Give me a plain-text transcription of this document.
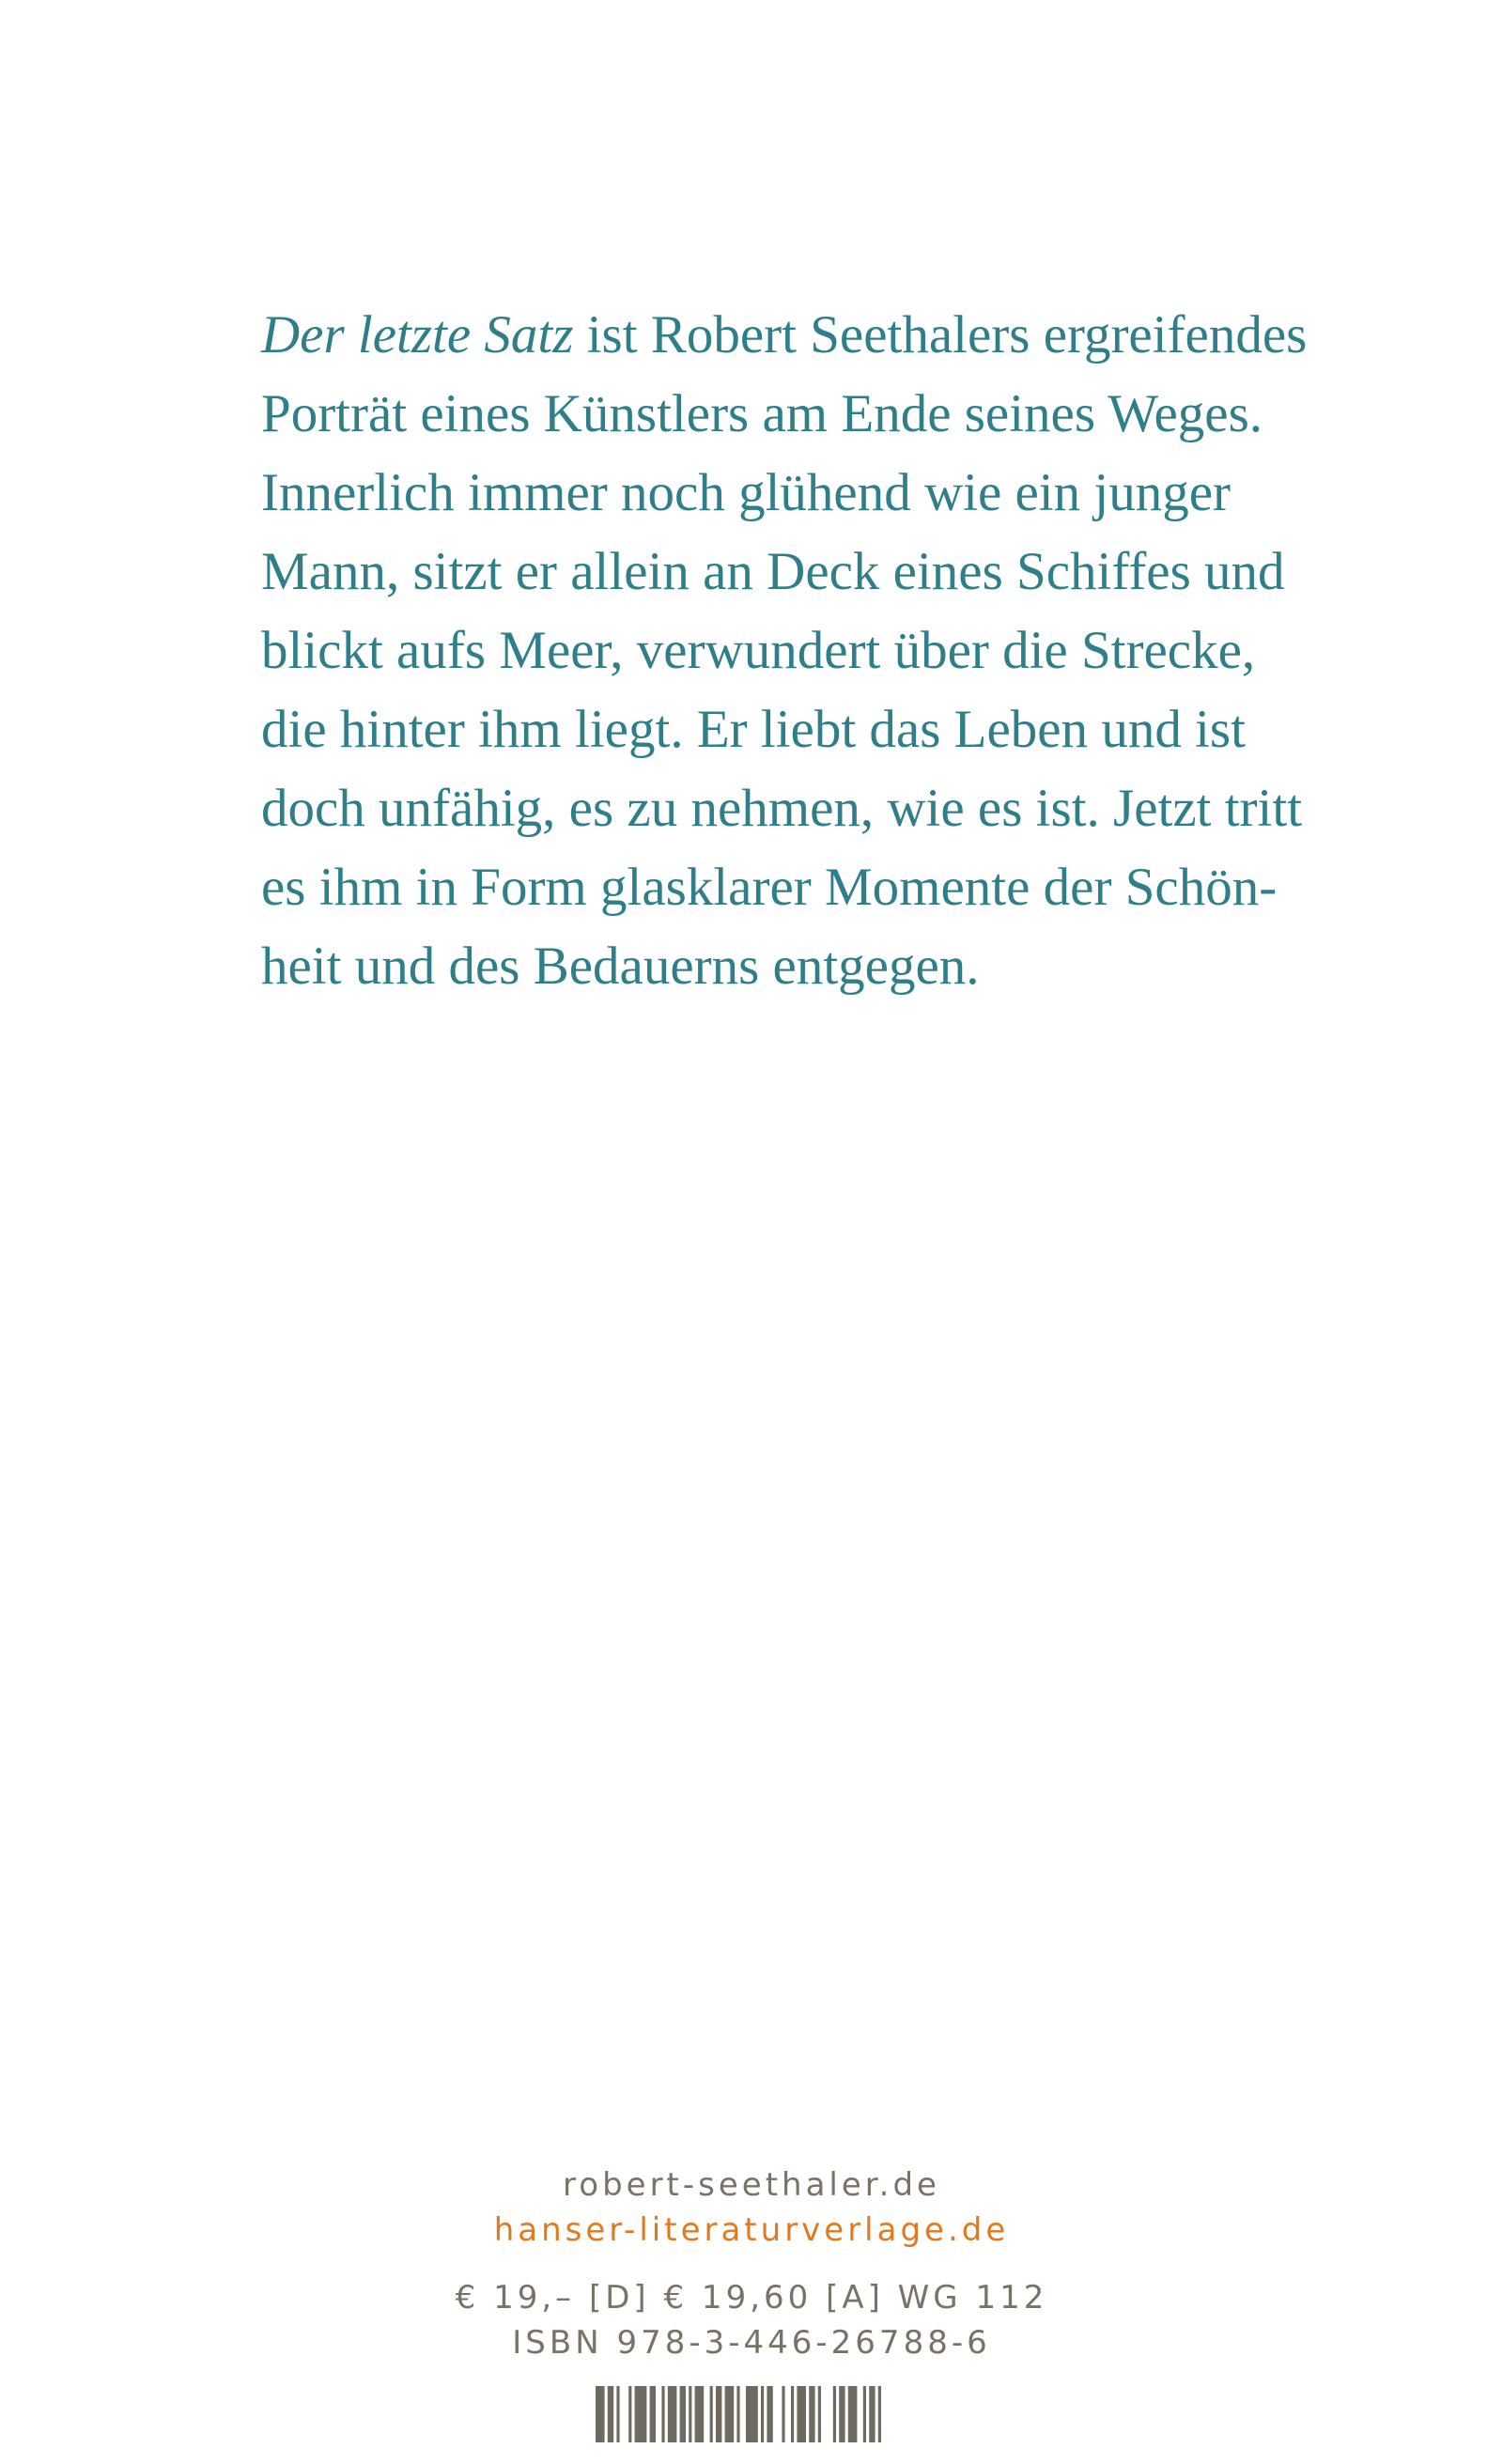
Der letzte Satz ist Robert Seethalers ergreifendes
Porträt eines Künstlers am Ende seines Weges.
Innerlich immer noch glühend wie ein junger
Mann, sitzt er allein an Deck eines Schiffes und
blickt aufs Meer, verwundert über die Strecke,
die hinter ihm liegt. Er liebt das Leben und ist
doch unfähig, es zu nehmen, wie es ist. Jetzt tritt
es ihm in Form glasklarer Momente der Schön-
heit und des Bedauerns entgegen.
robert-seethaler.de
hanser-literaturverlage.de
€ 19,– [D] € 19,60 [A] WG 112
ISBN 978-3-446-26788-6
